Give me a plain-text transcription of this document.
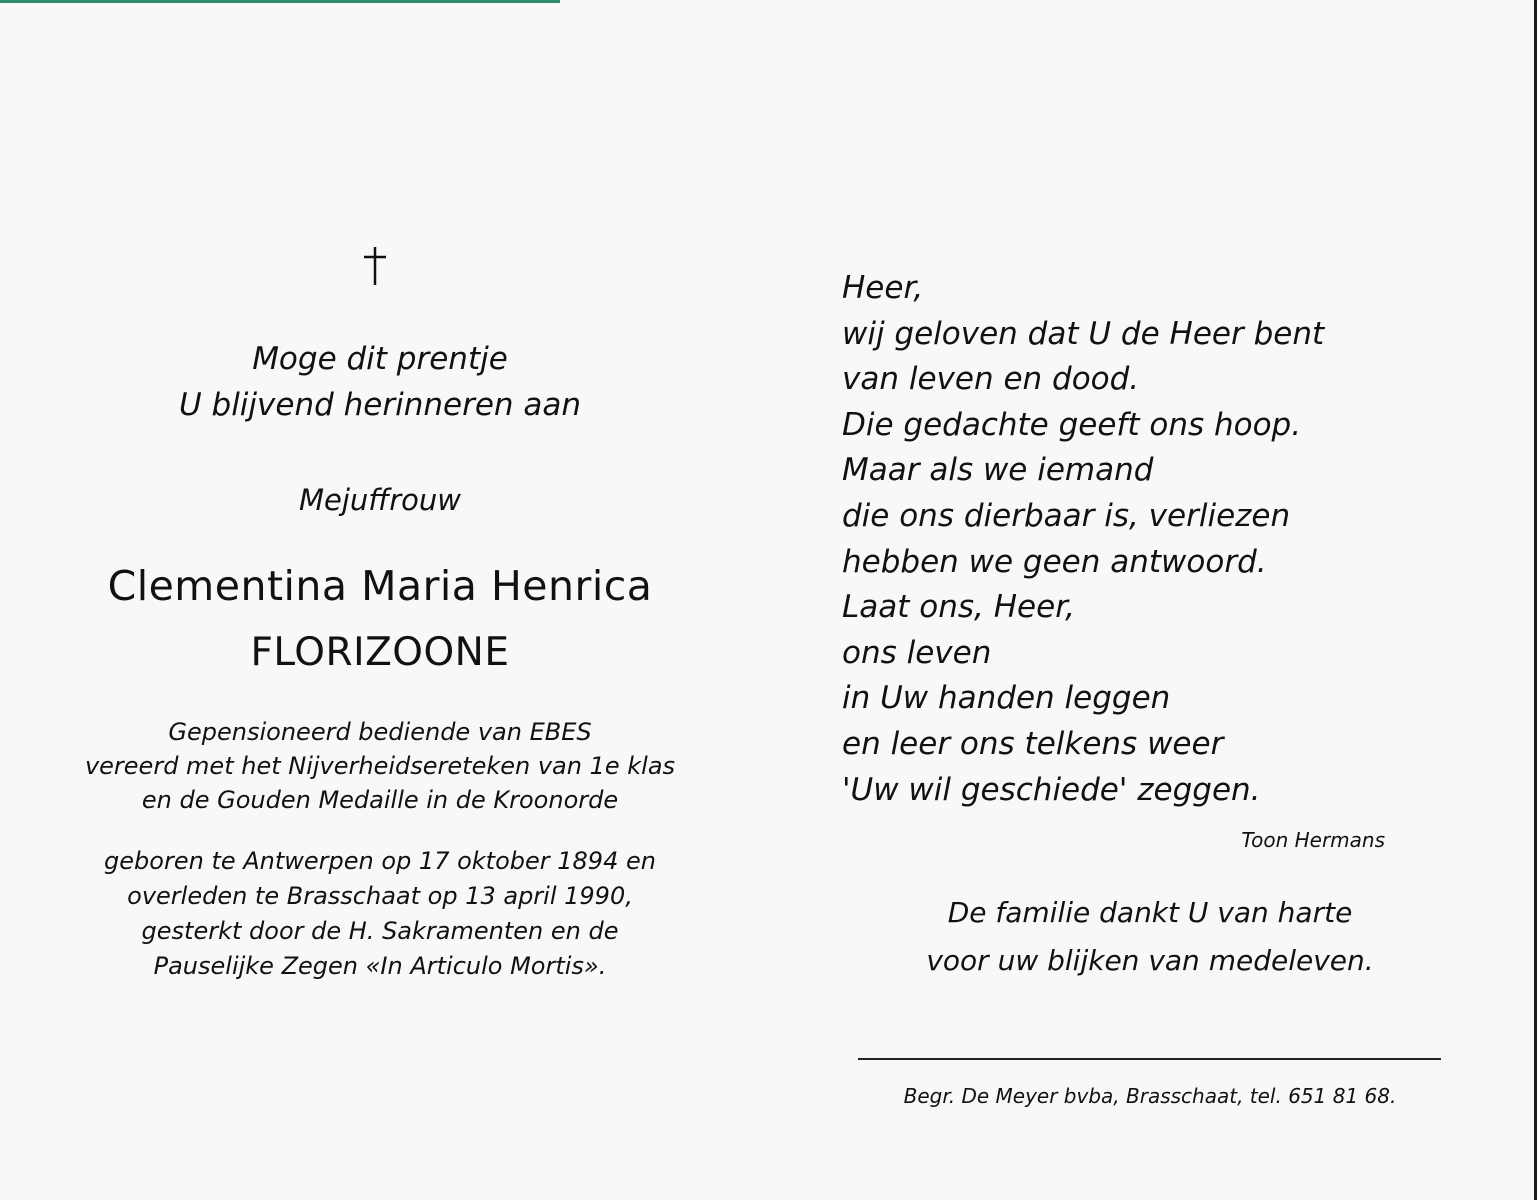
Moge dit prentje
U blijvend herinneren aan
Mejuffrouw
Clementina Maria Henrica
FLORIZOONE
Gepensioneerd bediende van EBES
vereerd met het Nijverheidsereteken van 1e klas
en de Gouden Medaille in de Kroonorde
geboren te Antwerpen op 17 oktober 1894 en
overleden te Brasschaat op 13 april 1990,
gesterkt door de H. Sakramenten en de
Pauselijke Zegen «In Articulo Mortis».
Heer,
wij geloven dat U de Heer bent
van leven en dood.
Die gedachte geeft ons hoop.
Maar als we iemand
die ons dierbaar is, verliezen
hebben we geen antwoord.
Laat ons, Heer,
ons leven
in Uw handen leggen
en leer ons telkens weer
'Uw wil geschiede' zeggen.
Toon Hermans
De familie dankt U van harte
voor uw blijken van medeleven.
Begr. De Meyer bvba, Brasschaat, tel. 651 81 68.
